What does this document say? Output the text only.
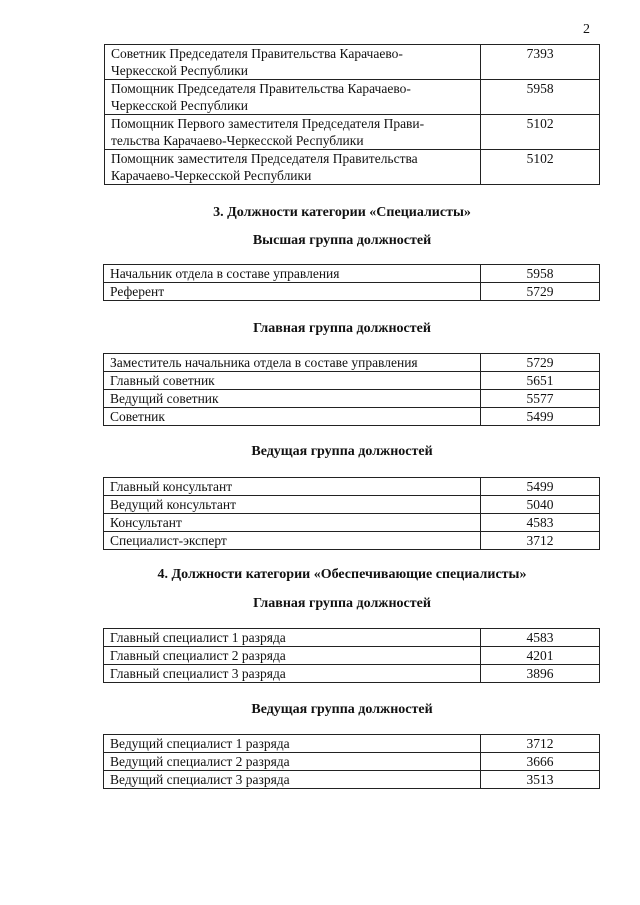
2
Советник Председателя Правительства Карачаево-
Черкесской Республики	7393
Помощник Председателя Правительства Карачаево-
Черкесской Республики	5958
Помощник Первого заместителя Председателя Прави-
тельства Карачаево-Черкесской Республики	5102
Помощник заместителя Председателя Правительства
Карачаево-Черкесской Республики	5102
3. Должности категории «Специалисты»
Высшая группа должностей
Начальник отдела в составе управления	5958
Референт	5729
Главная группа должностей
Заместитель начальника отдела в составе управления	5729
Главный советник	5651
Ведущий советник	5577
Советник	5499
Ведущая группа должностей
Главный консультант	5499
Ведущий консультант	5040
Консультант	4583
Специалист-эксперт	3712
4. Должности категории «Обеспечивающие специалисты»
Главная группа должностей
Главный специалист 1 разряда	4583
Главный специалист 2 разряда	4201
Главный специалист 3 разряда	3896
Ведущая группа должностей
Ведущий специалист 1 разряда	3712
Ведущий специалист 2 разряда	3666
Ведущий специалист 3 разряда	3513
